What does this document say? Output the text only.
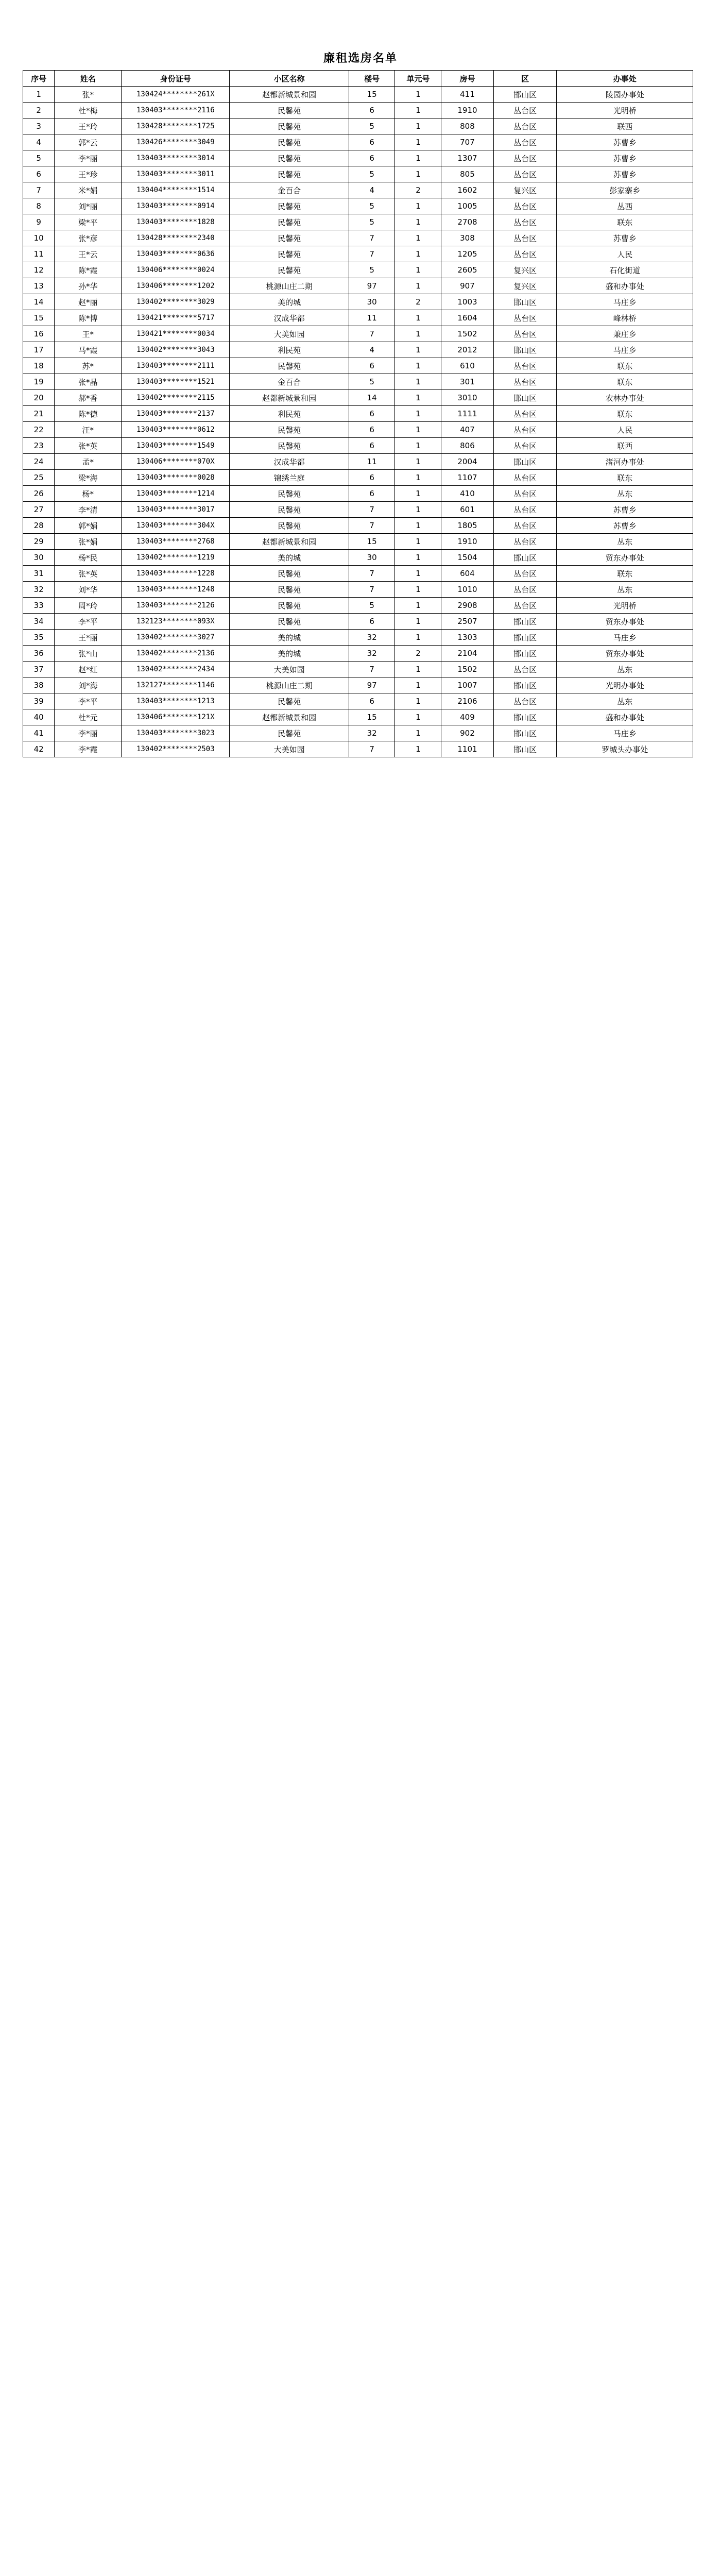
廉租选房名单
序号	姓名	身份证号	小区名称	楼号	单元号	房号	区	办事处
1	张*	130424********261X	赵都新城景和园	15	1	411	邯山区	陵园办事处
2	杜*梅	130403********2116	民馨苑	6	1	1910	丛台区	光明桥
3	王*玲	130428********1725	民馨苑	5	1	808	丛台区	联西
4	郭*云	130426********3049	民馨苑	6	1	707	丛台区	苏曹乡
5	李*丽	130403********3014	民馨苑	6	1	1307	丛台区	苏曹乡
6	王*珍	130403********3011	民馨苑	5	1	805	丛台区	苏曹乡
7	米*娟	130404********1514	金百合	4	2	1602	复兴区	彭家寨乡
8	刘*丽	130403********0914	民馨苑	5	1	1005	丛台区	丛西
9	梁*平	130403********1828	民馨苑	5	1	2708	丛台区	联东
10	张*彦	130428********2340	民馨苑	7	1	308	丛台区	苏曹乡
11	王*云	130403********0636	民馨苑	7	1	1205	丛台区	人民
12	陈*霞	130406********0024	民馨苑	5	1	2605	复兴区	石化街道
13	孙*华	130406********1202	桃源山庄二期	97	1	907	复兴区	盛和办事处
14	赵*丽	130402********3029	美的城	30	2	1003	邯山区	马庄乡
15	陈*博	130421********5717	汉成华都	11	1	1604	丛台区	峰林桥
16	王*	130421********0034	大美如园	7	1	1502	丛台区	兼庄乡
17	马*霞	130402********3043	利民苑	4	1	2012	邯山区	马庄乡
18	苏*	130403********2111	民馨苑	6	1	610	丛台区	联东
19	张*晶	130403********1521	金百合	5	1	301	丛台区	联东
20	郝*香	130402********2115	赵都新城景和园	14	1	3010	邯山区	农林办事处
21	陈*德	130403********2137	利民苑	6	1	1111	丛台区	联东
22	汪*	130403********0612	民馨苑	6	1	407	丛台区	人民
23	张*英	130403********1549	民馨苑	6	1	806	丛台区	联西
24	孟*	130406********070X	汉成华都	11	1	2004	邯山区	渚河办事处
25	梁*海	130403********0028	锦绣兰庭	6	1	1107	丛台区	联东
26	杨*	130403********1214	民馨苑	6	1	410	丛台区	丛东
27	李*清	130403********3017	民馨苑	7	1	601	丛台区	苏曹乡
28	郭*娟	130403********304X	民馨苑	7	1	1805	丛台区	苏曹乡
29	张*娟	130403********2768	赵都新城景和园	15	1	1910	丛台区	丛东
30	杨*民	130402********1219	美的城	30	1	1504	邯山区	贸东办事处
31	张*英	130403********1228	民馨苑	7	1	604	丛台区	联东
32	刘*华	130403********1248	民馨苑	7	1	1010	丛台区	丛东
33	周*玲	130403********2126	民馨苑	5	1	2908	丛台区	光明桥
34	李*平	132123********093X	民馨苑	6	1	2507	邯山区	贸东办事处
35	王*丽	130402********3027	美的城	32	1	1303	邯山区	马庄乡
36	张*山	130402********2136	美的城	32	2	2104	邯山区	贸东办事处
37	赵*红	130402********2434	大美如园	7	1	1502	丛台区	丛东
38	刘*海	132127********1146	桃源山庄二期	97	1	1007	邯山区	光明办事处
39	李*平	130403********1213	民馨苑	6	1	2106	丛台区	丛东
40	杜*元	130406********121X	赵都新城景和园	15	1	409	邯山区	盛和办事处
41	李*丽	130403********3023	民馨苑	32	1	902	邯山区	马庄乡
42	李*霞	130402********2503	大美如园	7	1	1101	邯山区	罗城头办事处
